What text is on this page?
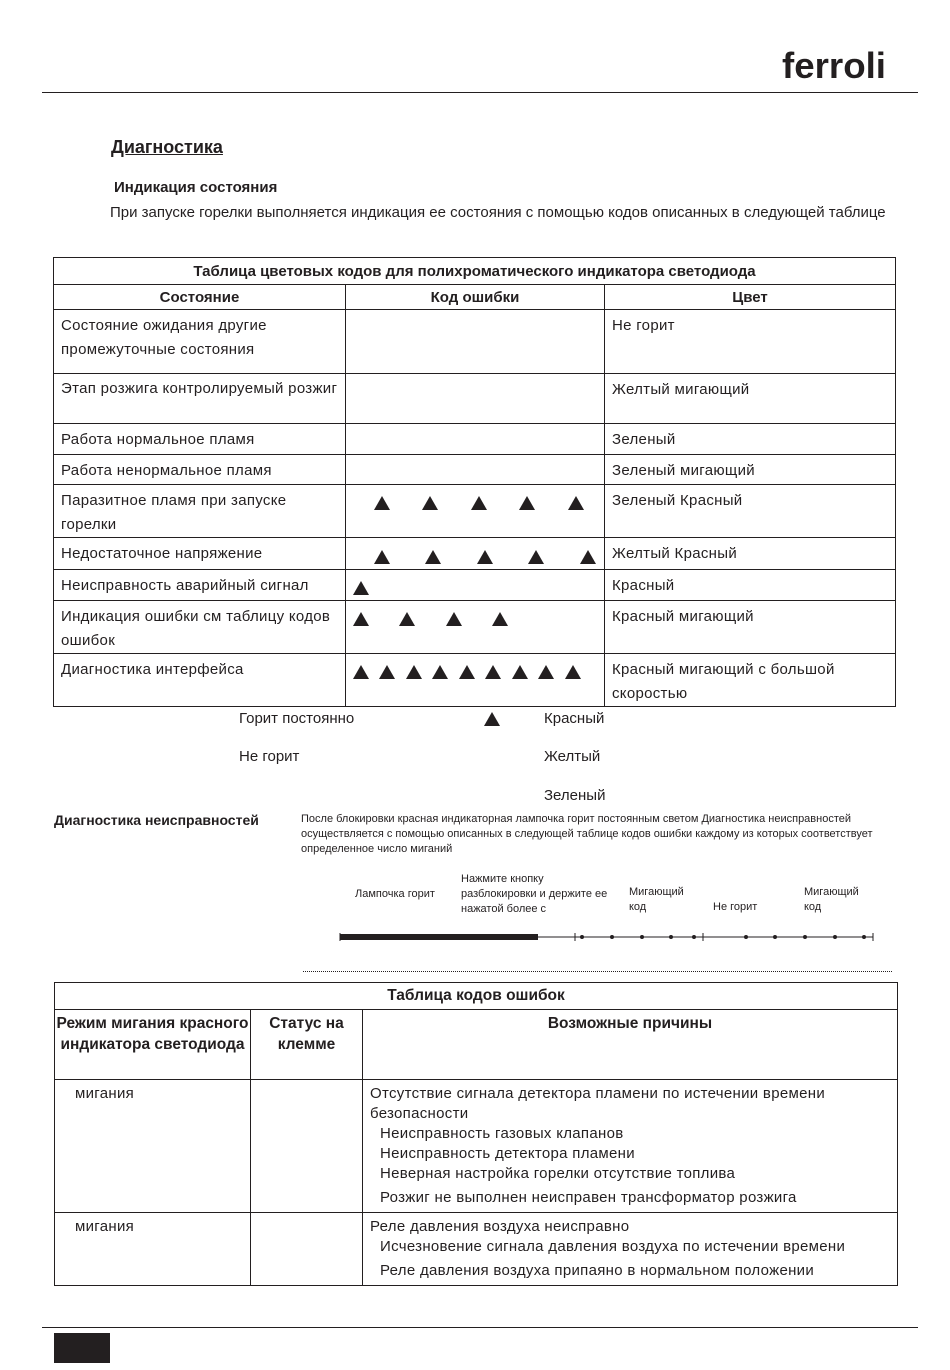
ferroli
Диагностика
Индикация состояния
При запуске горелки выполняется индикация ее состояния с помощью кодов описанных в следующей таблице
Таблица цветовых кодов для полихроматического индикатора светодиода		
Состояние	Код ошибки	Цвет
Состояние ожидания другие промежуточные состояния		Не горит
Этап розжига контролируемый розжиг		Желтый мигающий
Работа нормальное пламя		Зеленый
Работа ненормальное пламя		Зеленый мигающий
Паразитное пламя при запуске горелки		Зеленый Красный
Недостаточное напряжение		Желтый Красный
Неисправность аварийный сигнал		Красный
Индикация ошибки см таблицу кодов ошибок		Красный мигающий
Диагностика интерфейса		Красный мигающий с большой скоростью
Горит постоянно	Красный
Не горит	Желтый
Зеленый
Диагностика неисправностей	После блокировки красная индикаторная лампочка горит постоянным светом Диагностика неисправностей осуществляется с помощью описанных в следующей таблице кодов ошибки каждому из которых соответствует определенное число миганий
Лампочка горит
Нажмите кнопку разблокировки и держите ее нажатой более с
Мигающий код	Не горит
Мигающий код
Таблица кодов ошибок		
Режим мигания красного индикатора светодиода	Статус на клемме	Возможные причины
мигания		Отсутствие сигнала детектора пламени по истечении времени безопасности
Неисправность газовых клапанов
Неисправность детектора пламени
Неверная настройка горелки отсутствие топлива
Розжиг не выполнен неисправен трансформатор розжига

мигания		Реле давления воздуха неисправно
Исчезновение сигнала давления воздуха по истечении времени
Реле давления воздуха припаяно в нормальном положении
